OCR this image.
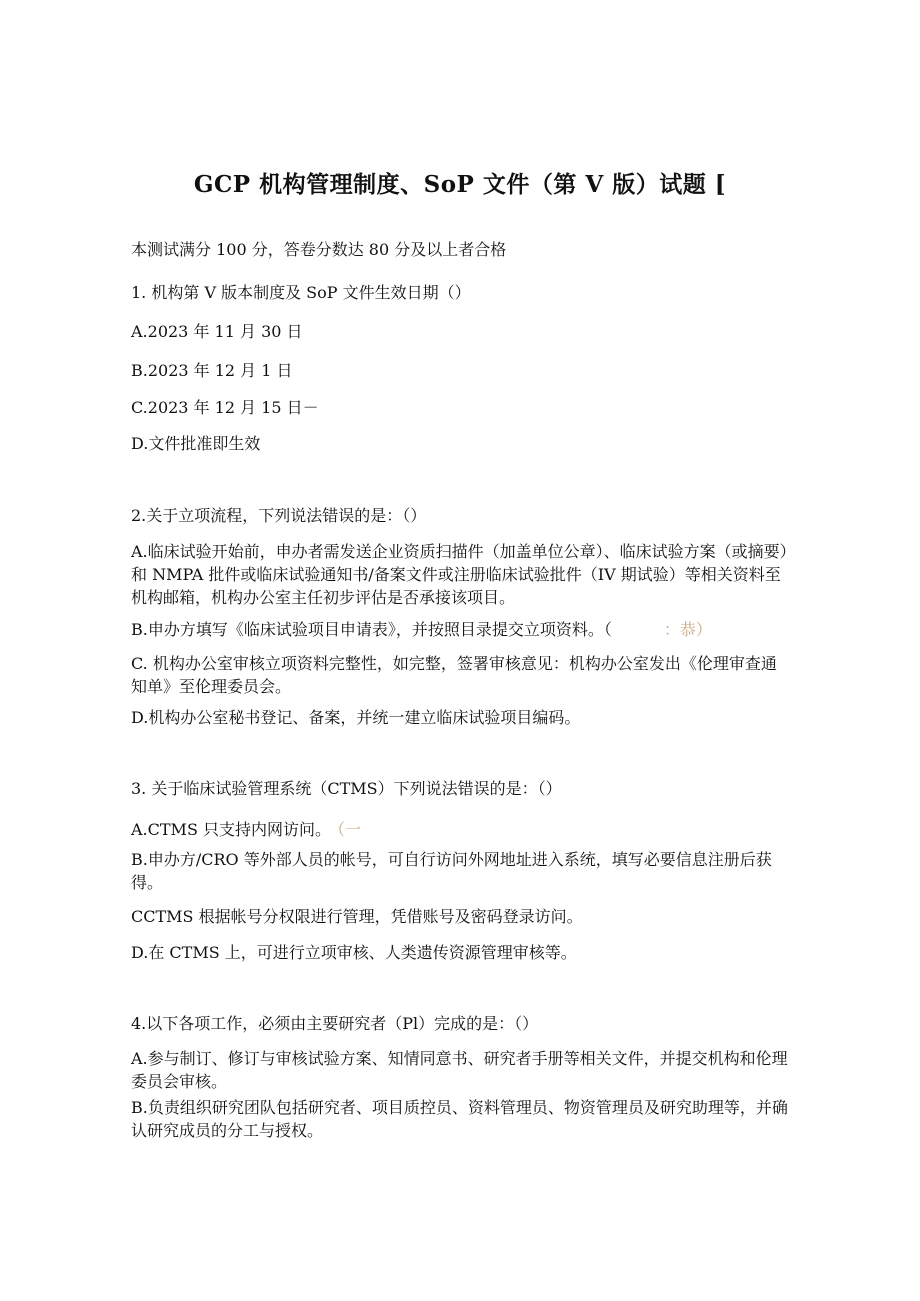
GCP 机构管理制度、SoP 文件（第 V 版）试题 [
本测试满分 100 分，答卷分数达 80 分及以上者合格
1. 机构第 V 版本制度及 SoP 文件生效日期（）
A.2023 年 11 月 30 日
B.2023 年 12 月 1 日
C.2023 年 12 月 15 日－
D.文件批准即生效
2.关于立项流程，下列说法错误的是：（）
A.临床试验开始前，申办者需发送企业资质扫描件（加盖单位公章）、临床试验方案（或摘要）和 NMPA 批件或临床试验通知书/备案文件或注册临床试验批件（IV 期试验）等相关资料至机构邮箱，机构办公室主任初步评估是否承接该项目。
B.申办方填写《临床试验项目申请表》，并按照目录提交立项资料。（	：恭）
C. 机构办公室审核立项资料完整性，如完整，签署审核意见：机构办公室发出《伦理审查通知单》至伦理委员会。
D.机构办公室秘书登记、备案，并统一建立临床试验项目编码。
3. 关于临床试验管理系统（CTMS）下列说法错误的是：（）
A.CTMS 只支持内网访问。 （一
B.申办方/CRO 等外部人员的帐号，可自行访问外网地址进入系统，填写必要信息注册后获得。
CCTMS 根据帐号分权限进行管理，凭借账号及密码登录访问。
D.在 CTMS 上，可进行立项审核、人类遗传资源管理审核等。
4.以下各项工作，必须由主要研究者（Pl）完成的是：（）
A.参与制订、修订与审核试验方案、知情同意书、研究者手册等相关文件，并提交机构和伦理委员会审核。
B.负责组织研究团队包括研究者、项目质控员、资料管理员、物资管理员及研究助理等，并确认研究成员的分工与授权。
